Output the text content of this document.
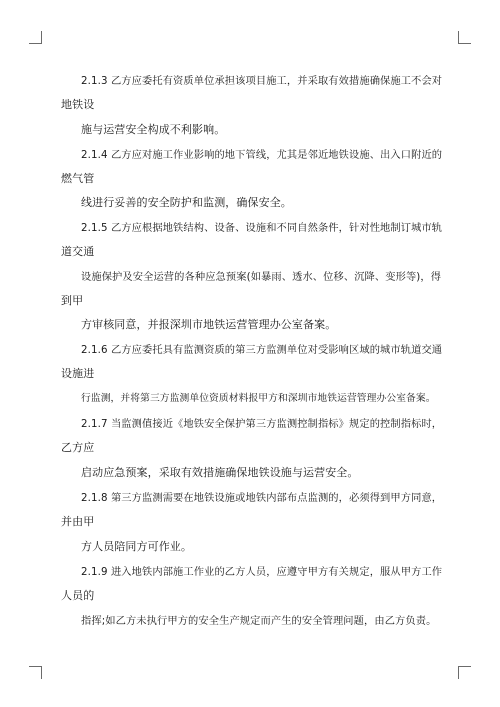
2.1.3 乙方应委托有资质单位承担该项目施工，并采取有效措施确保施工不会对
地铁设
施与运营安全构成不利影响。
2.1.4 乙方应对施工作业影响的地下管线，尤其是邻近地铁设施、出入口附近的
燃气管
线进行妥善的安全防护和监测，确保安全。
2.1.5 乙方应根据地铁结构、设备、设施和不同自然条件，针对性地制订城市轨
道交通
设施保护及安全运营的各种应急预案(如暴雨、透水、位移、沉降、变形等)，得
到甲
方审核同意，并报深圳市地铁运营管理办公室备案。
2.1.6 乙方应委托具有监测资质的第三方监测单位对受影响区域的城市轨道交通
设施进
行监测，并将第三方监测单位资质材料报甲方和深圳市地铁运营管理办公室备案。
2.1.7 当监测值接近《地铁安全保护第三方监测控制指标》规定的控制指标时，
乙方应
启动应急预案，采取有效措施确保地铁设施与运营安全。
2.1.8 第三方监测需要在地铁设施或地铁内部布点监测的，必须得到甲方同意，
并由甲
方人员陪同方可作业。
2.1.9 进入地铁内部施工作业的乙方人员，应遵守甲方有关规定，服从甲方工作
人员的
指挥;如乙方未执行甲方的安全生产规定而产生的安全管理问题，由乙方负责。
